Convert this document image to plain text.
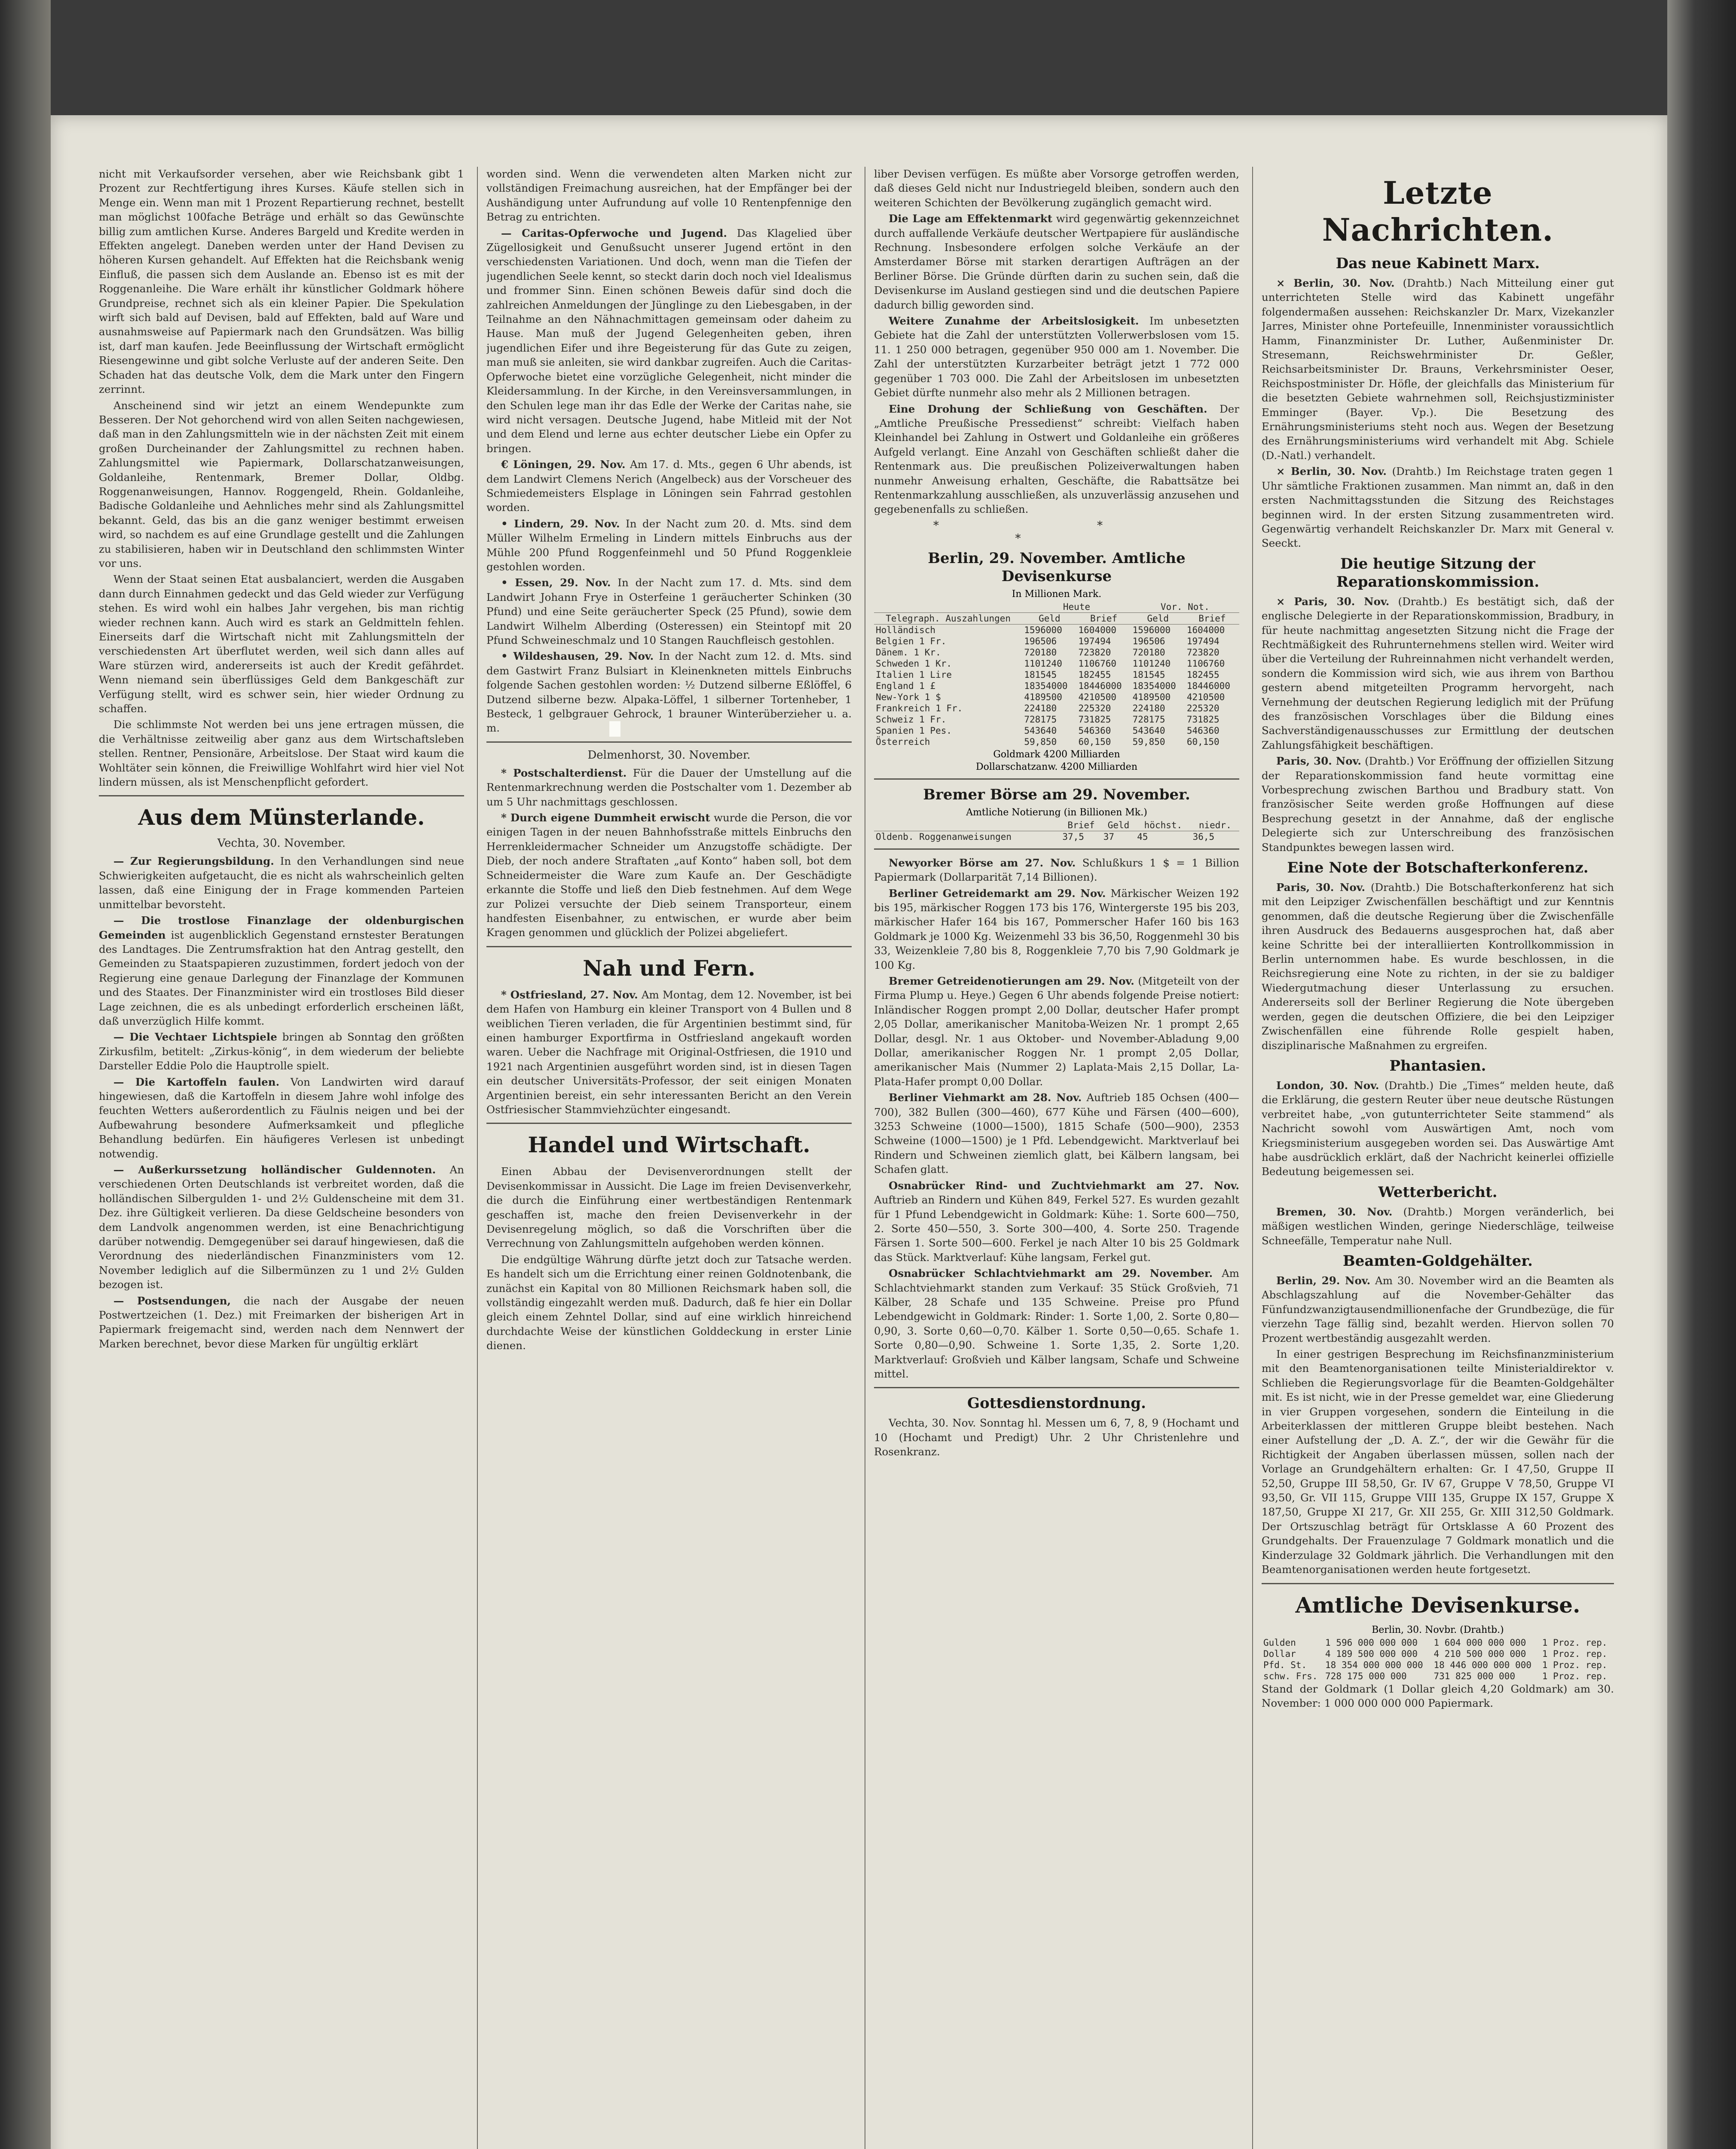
nicht mit Verkaufsorder versehen, aber wie Reichsbank gibt 1 Prozent zur Rechtfertigung ihres Kurses. Käufe stellen sich in Menge ein. Wenn man mit 1 Prozent Repartierung rechnet, bestellt man möglichst 100fache Beträge und erhält so das Gewünschte billig zum amtlichen Kurse. Anderes Bargeld und Kredite werden in Effekten angelegt. Daneben werden unter der Hand Devisen zu höheren Kursen gehandelt. Auf Effekten hat die Reichsbank wenig Einfluß, die passen sich dem Auslande an. Ebenso ist es mit der Roggenanleihe. Die Ware erhält ihr künstlicher Goldmark höhere Grundpreise, rechnet sich als ein kleiner Papier. Die Spekulation wirft sich bald auf Devisen, bald auf Effekten, bald auf Ware und ausnahmsweise auf Papiermark nach den Grundsätzen. Was billig ist, darf man kaufen. Jede Beeinflussung der Wirtschaft ermöglicht Riesengewinne und gibt solche Verluste auf der anderen Seite. Den Schaden hat das deutsche Volk, dem die Mark unter den Fingern zerrinnt.

Anscheinend sind wir jetzt an einem Wendepunkte zum Besseren. Der Not gehorchend wird von allen Seiten nachgewiesen, daß man in den Zahlungsmitteln wie in der nächsten Zeit mit einem großen Durcheinander der Zahlungsmittel zu rechnen haben. Zahlungsmittel wie Papiermark, Dollarschatzanweisungen, Goldanleihe, Rentenmark, Bremer Dollar, Oldbg. Roggenanweisungen, Hannov. Roggengeld, Rhein. Goldanleihe, Badische Goldanleihe und Aehnliches mehr sind als Zahlungsmittel bekannt. Geld, das bis an die ganz weniger bestimmt erweisen wird, so nachdem es auf eine Grundlage gestellt und die Zahlungen zu stabilisieren, haben wir in Deutschland den schlimmsten Winter vor uns.

Wenn der Staat seinen Etat ausbalanciert, werden die Ausgaben dann durch Einnahmen gedeckt und das Geld wieder zur Verfügung stehen. Es wird wohl ein halbes Jahr vergehen, bis man richtig wieder rechnen kann. Auch wird es stark an Geldmitteln fehlen. Einerseits darf die Wirtschaft nicht mit Zahlungsmitteln der verschiedensten Art überflutet werden, weil sich dann alles auf Ware stürzen wird, andererseits ist auch der Kredit gefährdet. Wenn niemand sein überflüssiges Geld dem Bankgeschäft zur Verfügung stellt, wird es schwer sein, hier wieder Ordnung zu schaffen.

Die schlimmste Not werden bei uns jene ertragen müssen, die die Verhältnisse zeitweilig aber ganz aus dem Wirtschaftsleben stellen. Rentner, Pensionäre, Arbeitslose. Der Staat wird kaum die Wohltäter sein können, die Freiwillige Wohlfahrt wird hier viel Not lindern müssen, als ist Menschenpflicht gefordert.

Aus dem Münsterlande.
Vechta, 30. November.

— Zur Regierungsbildung. In den Verhandlungen sind neue Schwierigkeiten aufgetaucht, die es nicht als wahrscheinlich gelten lassen, daß eine Einigung der in Frage kommenden Parteien unmittelbar bevorsteht.

— Die trostlose Finanzlage der oldenburgischen Gemeinden ist augenblicklich Gegenstand ernstester Beratungen des Landtages. Die Zentrumsfraktion hat den Antrag gestellt, den Gemeinden zu Staatspapieren zuzustimmen, fordert jedoch von der Regierung eine genaue Darlegung der Finanzlage der Kommunen und des Staates. Der Finanzminister wird ein trostloses Bild dieser Lage zeichnen, die es als unbedingt erforderlich erscheinen läßt, daß unverzüglich Hilfe kommt.

— Die Vechtaer Lichtspiele bringen ab Sonntag den größten Zirkusfilm, betitelt: „Zirkus-könig“, in dem wiederum der beliebte Darsteller Eddie Polo die Hauptrolle spielt.

— Die Kartoffeln faulen. Von Landwirten wird darauf hingewiesen, daß die Kartoffeln in diesem Jahre wohl infolge des feuchten Wetters außerordentlich zu Fäulnis neigen und bei der Aufbewahrung besondere Aufmerksamkeit und pflegliche Behandlung bedürfen. Ein häufigeres Verlesen ist unbedingt notwendig.

— Außerkurssetzung holländischer Guldennoten. An verschiedenen Orten Deutschlands ist verbreitet worden, daß die holländischen Silbergulden 1- und 2½ Guldenscheine mit dem 31. Dez. ihre Gültigkeit verlieren. Da diese Geldscheine besonders von dem Landvolk angenommen werden, ist eine Benachrichtigung darüber notwendig. Demgegenüber sei darauf hingewiesen, daß die Verordnung des niederländischen Finanzministers vom 12. November lediglich auf die Silbermünzen zu 1 und 2½ Gulden bezogen ist.

— Postsendungen, die nach der Ausgabe der neuen Postwertzeichen (1. Dez.) mit Freimarken der bisherigen Art in Papiermark freigemacht sind, werden nach dem Nennwert der Marken berechnet, bevor diese Marken für ungültig erklärt

worden sind. Wenn die verwendeten alten Marken nicht zur vollständigen Freimachung ausreichen, hat der Empfänger bei der Aushändigung unter Aufrundung auf volle 10 Rentenpfennige den Betrag zu entrichten.

— Caritas-Opferwoche und Jugend. Das Klagelied über Zügellosigkeit und Genußsucht unserer Jugend ertönt in den verschiedensten Variationen. Und doch, wenn man die Tiefen der jugendlichen Seele kennt, so steckt darin doch noch viel Idealismus und frommer Sinn. Einen schönen Beweis dafür sind doch die zahlreichen Anmeldungen der Jünglinge zu den Liebesgaben, in der Teilnahme an den Nähnachmittagen gemeinsam oder daheim zu Hause. Man muß der Jugend Gelegenheiten geben, ihren jugendlichen Eifer und ihre Begeisterung für das Gute zu zeigen, man muß sie anleiten, sie wird dankbar zugreifen. Auch die Caritas-Opferwoche bietet eine vorzügliche Gelegenheit, nicht minder die Kleidersammlung. In der Kirche, in den Vereinsversammlungen, in den Schulen lege man ihr das Edle der Werke der Caritas nahe, sie wird nicht versagen. Deutsche Jugend, habe Mitleid mit der Not und dem Elend und lerne aus echter deutscher Liebe ein Opfer zu bringen.

€ Löningen, 29. Nov. Am 17. d. Mts., gegen 6 Uhr abends, ist dem Landwirt Clemens Nerich (Angelbeck) aus der Vorscheuer des Schmiedemeisters Elsplage in Löningen sein Fahrrad gestohlen worden.

• Lindern, 29. Nov. In der Nacht zum 20. d. Mts. sind dem Müller Wilhelm Ermeling in Lindern mittels Einbruchs aus der Mühle 200 Pfund Roggenfeinmehl und 50 Pfund Roggenkleie gestohlen worden.

• Essen, 29. Nov. In der Nacht zum 17. d. Mts. sind dem Landwirt Johann Frye in Osterfeine 1 geräucherter Schinken (30 Pfund) und eine Seite geräucherter Speck (25 Pfund), sowie dem Landwirt Wilhelm Alberding (Osteressen) ein Steintopf mit 20 Pfund Schweineschmalz und 10 Stangen Rauchfleisch gestohlen.

• Wildeshausen, 29. Nov. In der Nacht zum 12. d. Mts. sind dem Gastwirt Franz Bulsiart in Kleinenkneten mittels Einbruchs folgende Sachen gestohlen worden: ½ Dutzend silberne Eßlöffel, 6 Dutzend silberne bezw. Alpaka-Löffel, 1 silberner Tortenheber, 1 Besteck, 1 gelbgrauer Gehrock, 1 brauner Winterüberzieher u. a. m.

Delmenhorst, 30. November.

* Postschalterdienst. Für die Dauer der Umstellung auf die Rentenmarkrechnung werden die Postschalter vom 1. Dezember ab um 5 Uhr nachmittags geschlossen.

* Durch eigene Dummheit erwischt wurde die Person, die vor einigen Tagen in der neuen Bahnhofsstraße mittels Einbruchs den Herrenkleidermacher Schneider um Anzugstoffe schädigte. Der Dieb, der noch andere Straftaten „auf Konto“ haben soll, bot dem Schneidermeister die Ware zum Kaufe an. Der Geschädigte erkannte die Stoffe und ließ den Dieb festnehmen. Auf dem Wege zur Polizei versuchte der Dieb seinem Transporteur, einem handfesten Eisenbahner, zu entwischen, er wurde aber beim Kragen genommen und glücklich der Polizei abgeliefert.

Nah und Fern.

* Ostfriesland, 27. Nov. Am Montag, dem 12. November, ist bei dem Hafen von Hamburg ein kleiner Transport von 4 Bullen und 8 weiblichen Tieren verladen, die für Argentinien bestimmt sind, für einen hamburger Exportfirma in Ostfriesland angekauft worden waren. Ueber die Nachfrage mit Original-Ostfriesen, die 1910 und 1921 nach Argentinien ausgeführt worden sind, ist in diesen Tagen ein deutscher Universitäts-Professor, der seit einigen Monaten Argentinien bereist, ein sehr interessanten Bericht an den Verein Ostfriesischer Stammviehzüchter eingesandt.

Handel und Wirtschaft.

Einen Abbau der Devisenverordnungen stellt der Devisenkommissar in Aussicht. Die Lage im freien Devisenverkehr, die durch die Einführung einer wertbeständigen Rentenmark geschaffen ist, mache den freien Devisenverkehr in der Devisenregelung möglich, so daß die Vorschriften über die Verrechnung von Zahlungsmitteln aufgehoben werden können.

Die endgültige Währung dürfte jetzt doch zur Tatsache werden. Es handelt sich um die Errichtung einer reinen Goldnotenbank, die zunächst ein Kapital von 80 Millionen Reichsmark haben soll, die vollständig eingezahlt werden muß. Dadurch, daß fe hier ein Dollar gleich einem Zehntel Dollar, sind auf eine wirklich hinreichend durchdachte Weise der künstlichen Golddeckung in erster Linie dienen.

liber Devisen verfügen. Es müßte aber Vorsorge getroffen werden, daß dieses Geld nicht nur Industriegeld bleiben, sondern auch den weiteren Schichten der Bevölkerung zugänglich gemacht wird.

Die Lage am Effektenmarkt wird gegenwärtig gekennzeichnet durch auffallende Verkäufe deutscher Wertpapiere für ausländische Rechnung. Insbesondere erfolgen solche Verkäufe an der Amsterdamer Börse mit starken derartigen Aufträgen an der Berliner Börse. Die Gründe dürften darin zu suchen sein, daß die Devisenkurse im Ausland gestiegen sind und die deutschen Papiere dadurch billig geworden sind.

Weitere Zunahme der Arbeitslosigkeit. Im unbesetzten Gebiete hat die Zahl der unterstützten Vollerwerbslosen vom 15. 11. 1 250 000 betragen, gegenüber 950 000 am 1. November. Die Zahl der unterstützten Kurzarbeiter beträgt jetzt 1 772 000 gegenüber 1 703 000. Die Zahl der Arbeitslosen im unbesetzten Gebiet dürfte nunmehr also mehr als 2 Millionen betragen.

Eine Drohung der Schließung von Geschäften. Der „Amtliche Preußische Pressedienst“ schreibt: Vielfach haben Kleinhandel bei Zahlung in Ostwert und Goldanleihe ein größeres Aufgeld verlangt. Eine Anzahl von Geschäften schließt daher die Rentenmark aus. Die preußischen Polizeiverwaltungen haben nunmehr Anweisung erhalten, Geschäfte, die Rabattsätze bei Rentenmarkzahlung ausschließen, als unzuverlässig anzusehen und gegebenenfalls zu schließen.

* * *
Berlin, 29. November. Amtliche Devisenkurse
In Millionen Mark.
	Heute		Vor. Not.	
Telegraph. Auszahlungen	Geld	Brief	Geld	Brief
Holländisch	1596000	1604000	1596000	1604000
Belgien 1 Fr.	196506	197494	196506	197494
Dänem. 1 Kr.	720180	723820	720180	723820
Schweden 1 Kr.	1101240	1106760	1101240	1106760
Italien 1 Lire	181545	182455	181545	182455
England 1 £	18354000	18446000	18354000	18446000
New-York 1 $	4189500	4210500	4189500	4210500
Frankreich 1 Fr.	224180	225320	224180	225320
Schweiz 1 Fr.	728175	731825	728175	731825
Spanien 1 Pes.	543640	546360	543640	546360
Österreich	59,850	60,150	59,850	60,150
Goldmark 4200 Milliarden
Dollarschatzanw. 4200 Milliarden
Bremer Börse am 29. November.
Amtliche Notierung (in Billionen Mk.)
	Brief	Geld	höchst.	niedr.
Oldenb. Roggenanweisungen	37,5	37	45	36,5

Newyorker Börse am 27. Nov. Schlußkurs 1 $ = 1 Billion Papiermark (Dollarparität 7,14 Billionen).

Berliner Getreidemarkt am 29. Nov. Märkischer Weizen 192 bis 195, märkischer Roggen 173 bis 176, Wintergerste 195 bis 203, märkischer Hafer 164 bis 167, Pommerscher Hafer 160 bis 163 Goldmark je 1000 Kg. Weizenmehl 33 bis 36,50, Roggenmehl 30 bis 33, Weizenkleie 7,80 bis 8, Roggenkleie 7,70 bis 7,90 Goldmark je 100 Kg.

Bremer Getreidenotierungen am 29. Nov. (Mitgeteilt von der Firma Plump u. Heye.) Gegen 6 Uhr abends folgende Preise notiert: Inländischer Roggen prompt 2,00 Dollar, deutscher Hafer prompt 2,05 Dollar, amerikanischer Manitoba-Weizen Nr. 1 prompt 2,65 Dollar, desgl. Nr. 1 aus Oktober- und November-Abladung 9,00 Dollar, amerikanischer Roggen Nr. 1 prompt 2,05 Dollar, amerikanischer Mais (Nummer 2) Laplata-Mais 2,15 Dollar, La-Plata-Hafer prompt 0,00 Dollar.

Berliner Viehmarkt am 28. Nov. Auftrieb 185 Ochsen (400—700), 382 Bullen (300—460), 677 Kühe und Färsen (400—600), 3253 Schweine (1000—1500), 1815 Schafe (500—900), 2353 Schweine (1000—1500) je 1 Pfd. Lebendgewicht. Marktverlauf bei Rindern und Schweinen ziemlich glatt, bei Kälbern langsam, bei Schafen glatt.

Osnabrücker Rind- und Zuchtviehmarkt am 27. Nov. Auftrieb an Rindern und Kühen 849, Ferkel 527. Es wurden gezahlt für 1 Pfund Lebendgewicht in Goldmark: Kühe: 1. Sorte 600—750, 2. Sorte 450—550, 3. Sorte 300—400, 4. Sorte 250. Tragende Färsen 1. Sorte 500—600. Ferkel je nach Alter 10 bis 25 Goldmark das Stück. Marktverlauf: Kühe langsam, Ferkel gut.

Osnabrücker Schlachtviehmarkt am 29. November. Am Schlachtviehmarkt standen zum Verkauf: 35 Stück Großvieh, 71 Kälber, 28 Schafe und 135 Schweine. Preise pro Pfund Lebendgewicht in Goldmark: Rinder: 1. Sorte 1,00, 2. Sorte 0,80—0,90, 3. Sorte 0,60—0,70. Kälber 1. Sorte 0,50—0,65. Schafe 1. Sorte 0,80—0,90. Schweine 1. Sorte 1,35, 2. Sorte 1,20. Marktverlauf: Großvieh und Kälber langsam, Schafe und Schweine mittel.

Gottesdienstordnung.

Vechta, 30. Nov. Sonntag hl. Messen um 6, 7, 8, 9 (Hochamt und 10 (Hochamt und Predigt) Uhr. 2 Uhr Christenlehre und Rosenkranz.

Letzte Nachrichten.
Das neue Kabinett Marx.

× Berlin, 30. Nov. (Drahtb.) Nach Mitteilung einer gut unterrichteten Stelle wird das Kabinett ungefähr folgendermaßen aussehen: Reichskanzler Dr. Marx, Vizekanzler Jarres, Minister ohne Portefeuille, Innenminister voraussichtlich Hamm, Finanzminister Dr. Luther, Außenminister Dr. Stresemann, Reichswehrminister Dr. Geßler, Reichsarbeitsminister Dr. Brauns, Verkehrsminister Oeser, Reichspostminister Dr. Höfle, der gleichfalls das Ministerium für die besetzten Gebiete wahrnehmen soll, Reichsjustizminister Emminger (Bayer. Vp.). Die Besetzung des Ernährungsministeriums steht noch aus. Wegen der Besetzung des Ernährungsministeriums wird verhandelt mit Abg. Schiele (D.-Natl.) verhandelt.

× Berlin, 30. Nov. (Drahtb.) Im Reichstage traten gegen 1 Uhr sämtliche Fraktionen zusammen. Man nimmt an, daß in den ersten Nachmittagsstunden die Sitzung des Reichstages beginnen wird. In der ersten Sitzung zusammentreten wird. Gegenwärtig verhandelt Reichskanzler Dr. Marx mit General v. Seeckt.

Die heutige Sitzung der Reparationskommission.

× Paris, 30. Nov. (Drahtb.) Es bestätigt sich, daß der englische Delegierte in der Reparationskommission, Bradbury, in für heute nachmittag angesetzten Sitzung nicht die Frage der Rechtmäßigkeit des Ruhrunternehmens stellen wird. Weiter wird über die Verteilung der Ruhreinnahmen nicht verhandelt werden, sondern die Kommission wird sich, wie aus ihrem von Barthou gestern abend mitgeteilten Programm hervorgeht, nach Vernehmung der deutschen Regierung lediglich mit der Prüfung des französischen Vorschlages über die Bildung eines Sachverständigenausschusses zur Ermittlung der deutschen Zahlungsfähigkeit beschäftigen.

Paris, 30. Nov. (Drahtb.) Vor Eröffnung der offiziellen Sitzung der Reparationskommission fand heute vormittag eine Vorbesprechung zwischen Barthou und Bradbury statt. Von französischer Seite werden große Hoffnungen auf diese Besprechung gesetzt in der Annahme, daß der englische Delegierte sich zur Unterschreibung des französischen Standpunktes bewegen lassen wird.

Eine Note der Botschafterkonferenz.

Paris, 30. Nov. (Drahtb.) Die Botschafterkonferenz hat sich mit den Leipziger Zwischenfällen beschäftigt und zur Kenntnis genommen, daß die deutsche Regierung über die Zwischenfälle ihren Ausdruck des Bedauerns ausgesprochen hat, daß aber keine Schritte bei der interalliierten Kontrollkommission in Berlin unternommen habe. Es wurde beschlossen, in die Reichsregierung eine Note zu richten, in der sie zu baldiger Wiedergutmachung dieser Unterlassung zu ersuchen. Andererseits soll der Berliner Regierung die Note übergeben werden, gegen die deutschen Offiziere, die bei den Leipziger Zwischenfällen eine führende Rolle gespielt haben, disziplinarische Maßnahmen zu ergreifen.

Phantasien.

London, 30. Nov. (Drahtb.) Die „Times“ melden heute, daß die Erklärung, die gestern Reuter über neue deutsche Rüstungen verbreitet habe, „von gutunterrichteter Seite stammend“ als Nachricht sowohl vom Auswärtigen Amt, noch vom Kriegsministerium ausgegeben worden sei. Das Auswärtige Amt habe ausdrücklich erklärt, daß der Nachricht keinerlei offizielle Bedeutung beigemessen sei.

Wetterbericht.

Bremen, 30. Nov. (Drahtb.) Morgen veränderlich, bei mäßigen westlichen Winden, geringe Niederschläge, teilweise Schneefälle, Temperatur nahe Null.

Beamten-Goldgehälter.

Berlin, 29. Nov. Am 30. November wird an die Beamten als Abschlagszahlung auf die November-Gehälter das Fünfundzwanzigtausendmillionenfache der Grundbezüge, die für vierzehn Tage fällig sind, bezahlt werden. Hiervon sollen 70 Prozent wertbeständig ausgezahlt werden.

In einer gestrigen Besprechung im Reichsfinanzministerium mit den Beamtenorganisationen teilte Ministerialdirektor v. Schlieben die Regierungsvorlage für die Beamten-Goldgehälter mit. Es ist nicht, wie in der Presse gemeldet war, eine Gliederung in vier Gruppen vorgesehen, sondern die Einteilung in die Arbeiterklassen der mittleren Gruppe bleibt bestehen. Nach einer Aufstellung der „D. A. Z.“, der wir die Gewähr für die Richtigkeit der Angaben überlassen müssen, sollen nach der Vorlage an Grundgehältern erhalten: Gr. I 47,50, Gruppe II 52,50, Gruppe III 58,50, Gr. IV 67, Gruppe V 78,50, Gruppe VI 93,50, Gr. VII 115, Gruppe VIII 135, Gruppe IX 157, Gruppe X 187,50, Gruppe XI 217, Gr. XII 255, Gr. XIII 312,50 Goldmark. Der Ortszuschlag beträgt für Ortsklasse A 60 Prozent des Grundgehalts. Der Frauenzulage 7 Goldmark monatlich und die Kinderzulage 32 Goldmark jährlich. Die Verhandlungen mit den Beamtenorganisationen werden heute fortgesetzt.

Amtliche Devisenkurse.
Berlin, 30. Novbr. (Drahtb.)
Gulden	1 596 000 000 000	1 604 000 000 000	1 Proz. rep.
Dollar	4 189 500 000 000	4 210 500 000 000	1 Proz. rep.
Pfd. St.	18 354 000 000 000	18 446 000 000 000	1 Proz. rep.
schw. Frs.	728 175 000 000	731 825 000 000	1 Proz. rep.

Stand der Goldmark (1 Dollar gleich 4,20 Goldmark) am 30. November: 1 000 000 000 000 Papiermark.
